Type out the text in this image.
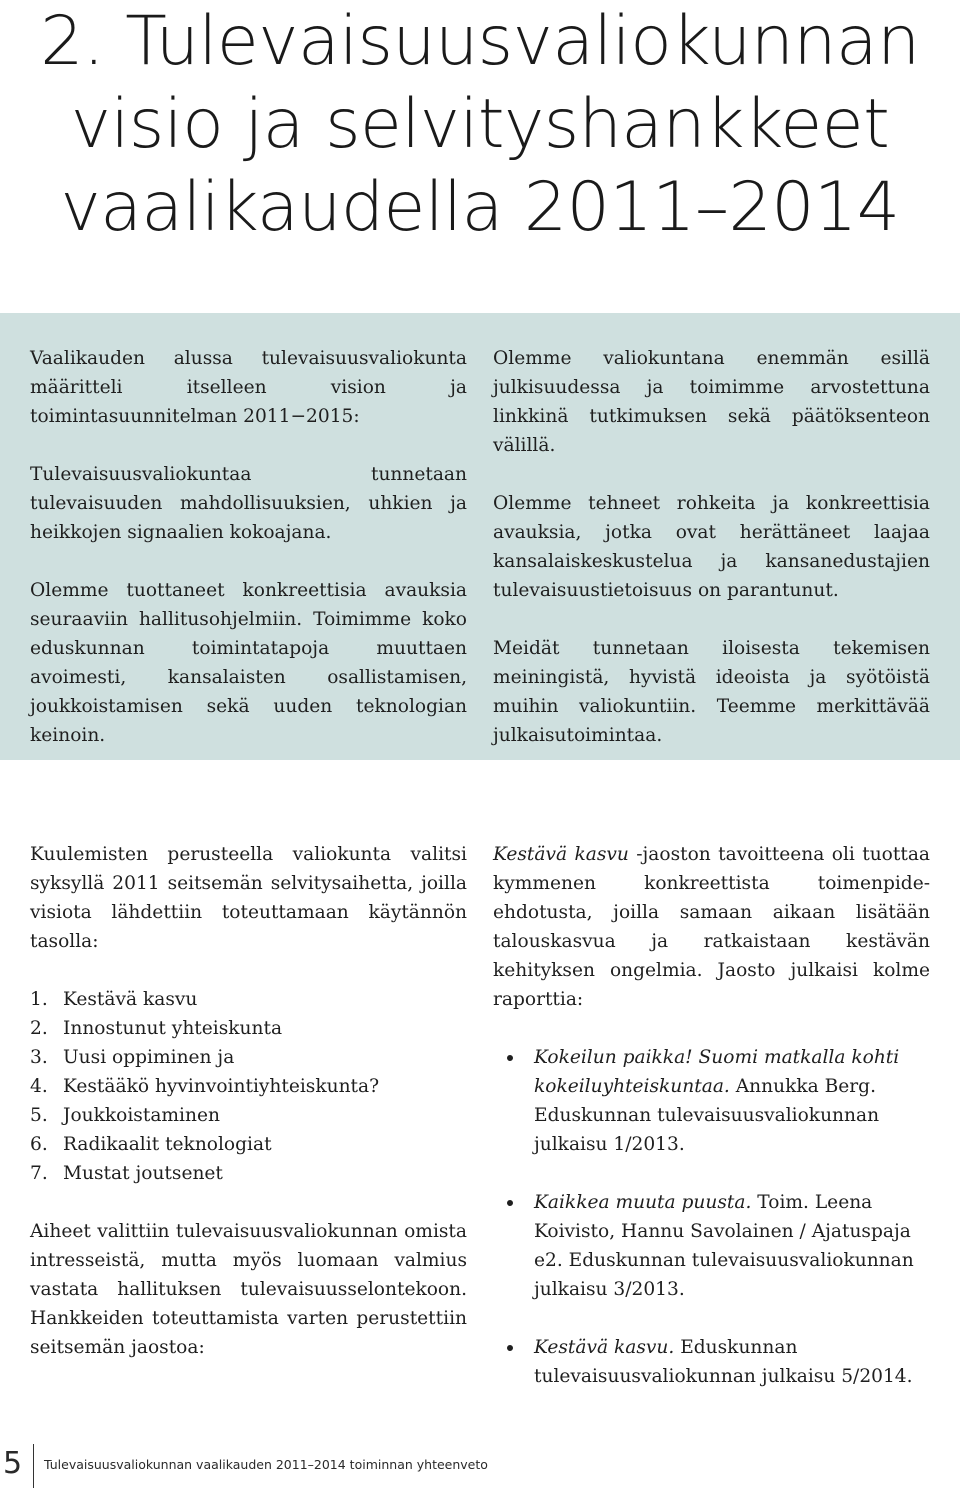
2. Tulevaisuusvaliokunnan
visio ja selvityshankkeet
vaalikaudella 2011–2014

Vaalikauden alussa tulevaisuusvaliokunta määritteli itselleen vision ja toimintasuunnitelman 2011−2015:

Tulevaisuusvaliokuntaa tunnetaan tulevaisuuden mahdollisuuksien, uhkien ja heikkojen signaalien kokoajana.

Olemme tuottaneet konkreettisia avauksia seuraaviin hallitusohjelmiin. Toimimme koko eduskunnan toimintatapoja muuttaen avoimesti, kansalaisten osallistamisen, joukkoistamisen sekä uuden teknologian keinoin.

Olemme valiokuntana enemmän esillä julkisuudessa ja toimimme arvostettuna linkkinä tutkimuksen sekä päätöksenteon välillä.

Olemme tehneet rohkeita ja konkreettisia avauksia, jotka ovat herättäneet laajaa kansalaiskeskustelua ja kansanedustajien tulevaisuustietoisuus on parantunut.

Meidät tunnetaan iloisesta tekemisen meiningistä, hyvistä ideoista ja syötöistä muihin valiokuntiin. Teemme merkittävää julkaisutoimintaa.

Kuulemisten perusteella valiokunta valitsi syksyllä 2011 seitsemän selvitysaihetta, joilla visiota lähdettiin toteuttamaan käytännön tasolla:

1. Kestävä kasvu
2. Innostunut yhteiskunta
3. Uusi oppiminen ja
4. Kestääkö hyvinvointiyhteiskunta?
5. Joukkoistaminen
6. Radikaalit teknologiat
7. Mustat joutsenet

Aiheet valittiin tulevaisuusvaliokunnan omista intresseistä, mutta myös luomaan valmius vastata hallituksen tulevaisuusselontekoon. Hankkeiden toteuttamista varten perustettiin seitsemän jaostoa:

Kestävä kasvu -jaoston tavoitteena oli tuottaa kymmenen konkreettista toimenpide-ehdotusta, joilla samaan aikaan lisätään talouskasvua ja ratkaistaan kestävän kehityksen ongelmia. Jaosto julkaisi kolme raporttia:

Kokeilun paikka! Suomi matkalla kohti kokeiluyhteiskuntaa. Annukka Berg. Eduskunnan tulevaisuusvaliokunnan julkaisu 1/2013.
Kaikkea muuta puusta. Toim. Leena Koivisto, Hannu Savolainen / Ajatuspaja e2. Eduskunnan tulevaisuusvaliokunnan julkaisu 3/2013.
Kestävä kasvu. Eduskunnan tulevaisuusvaliokunnan julkaisu 5/2014.
5 Tulevaisuusvaliokunnan vaalikauden 2011–2014 toiminnan yhteenveto
